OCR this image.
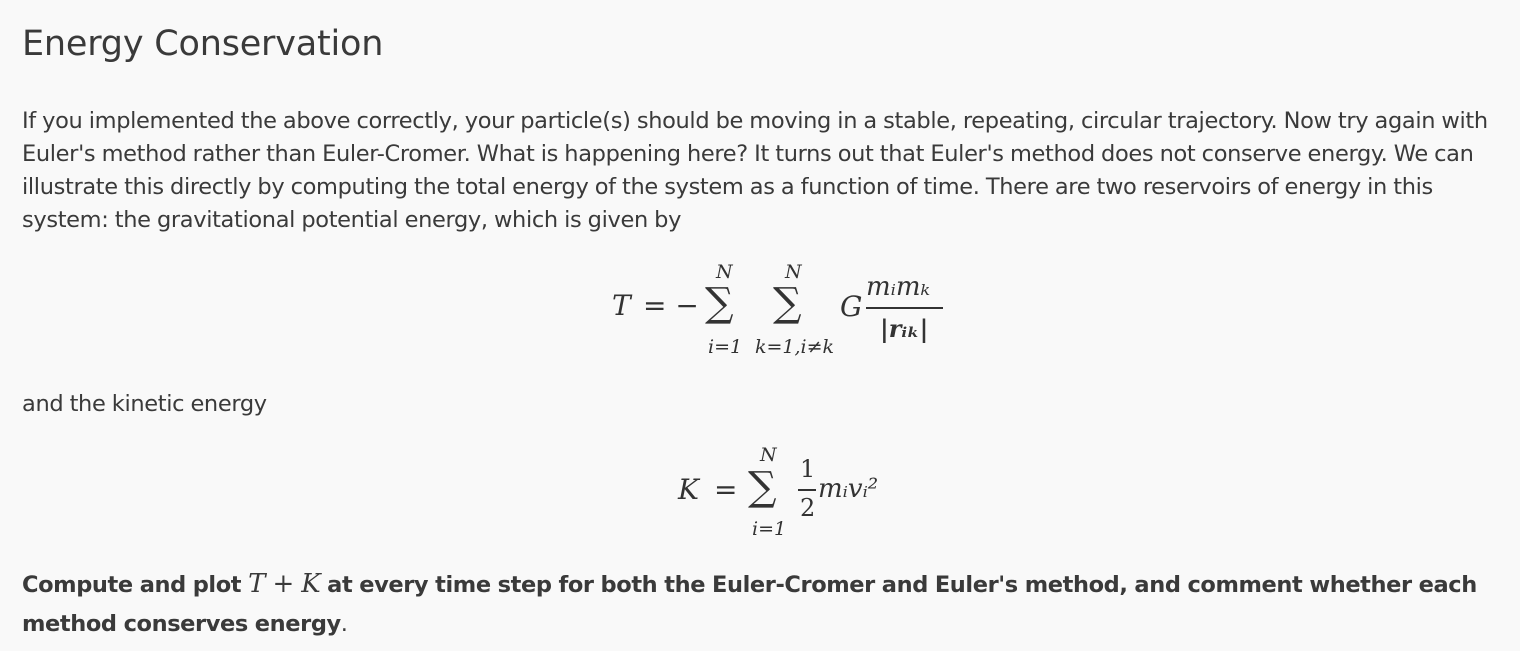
Energy Conservation

If you implemented the above correctly, your particle(s) should be moving in a stable, repeating, circular trajectory. Now try again with Euler's method rather than Euler-Cromer. What is happening here? It turns out that Euler's method does not conserve energy. We can illustrate this directly by computing the total energy of the system as a function of time. There are two reservoirs of energy in this system: the gravitational potential energy, which is given by

T = −
N
∑
i=1
N
∑
k=1,i≠k
G
mᵢmₖ
|rᵢₖ|

and the kinetic energy

K =
N
∑
i=1
1
2
mᵢvᵢ²

Compute and plot T + K at every time step for both the Euler-Cromer and Euler's method, and comment whether each method conserves energy.
